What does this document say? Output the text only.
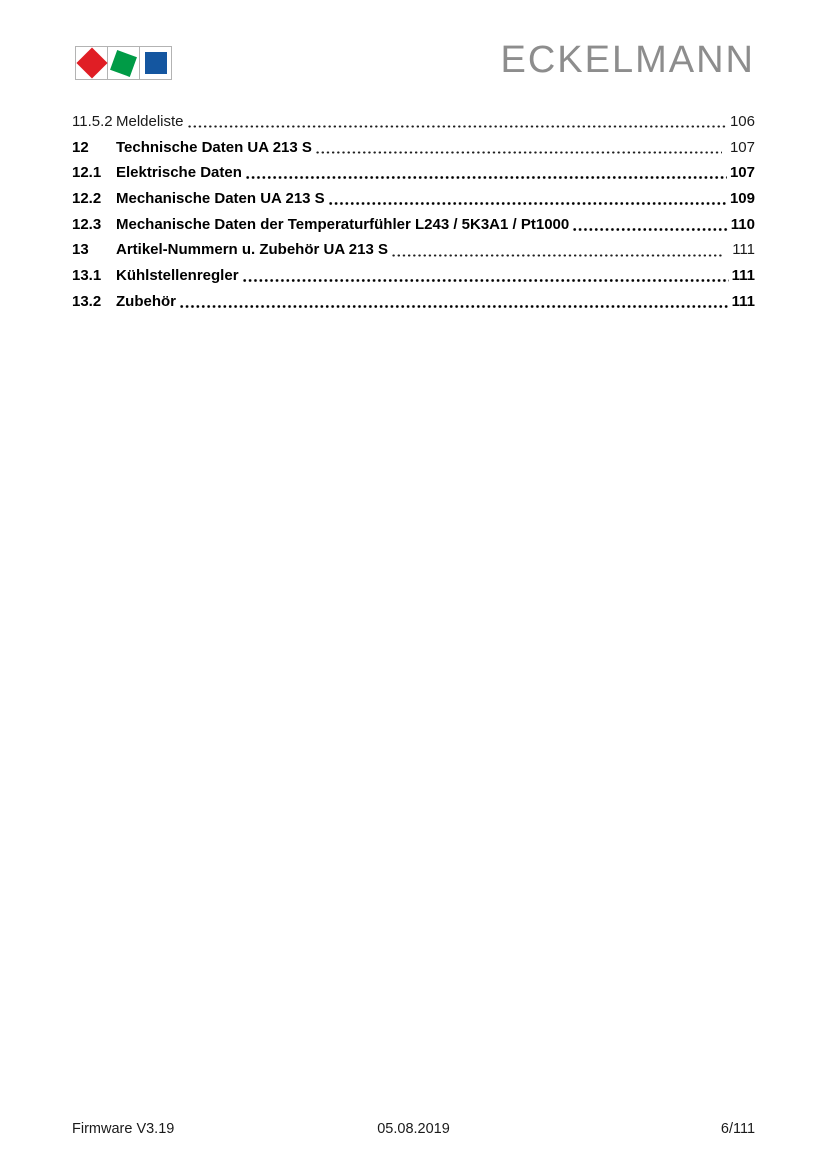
ECKELMANN
11.5.2 Meldeliste	106
12	Technische Daten UA 213 S	107
12.1 Elektrische Daten	107
12.2 Mechanische Daten UA 213 S	109
12.3 Mechanische Daten der Temperaturfühler L243 / 5K3A1 / Pt1000	110
13	Artikel-Nummern u. Zubehör UA 213 S	111
13.1 Kühlstellenregler	111
13.2 Zubehör	111
Firmware V3.19	05.08.2019	6/111
